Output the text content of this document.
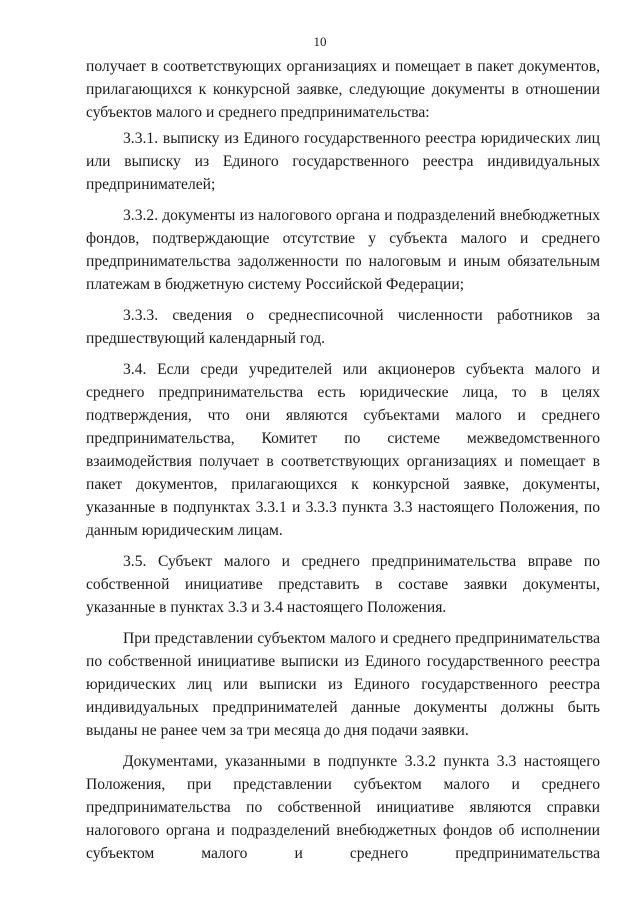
10

получает в соответствующих организациях и помещает в пакет документов, прилагающихся к конкурсной заявке, следующие документы в отношении субъектов малого и среднего предпринимательства:

3.3.1. выписку из Единого государственного реестра юридических лиц или выписку из Единого государственного реестра индивидуальных предпринимателей;

3.3.2. документы из налогового органа и подразделений внебюджетных фондов, подтверждающие отсутствие у субъекта малого и среднего предпринимательства задолженности по налоговым и иным обязательным платежам в бюджетную систему Российской Федерации;

3.3.3. сведения о среднесписочной численности работников за предшествующий календарный год.

3.4. Если среди учредителей или акционеров субъекта малого и среднего предпринимательства есть юридические лица, то в целях подтверждения, что они являются субъектами малого и среднего предпринимательства, Комитет по системе межведомственного взаимодействия получает в соответствующих организациях и помещает в пакет документов, прилагающихся к конкурсной заявке, документы, указанные в подпунктах 3.3.1 и 3.3.3 пункта 3.3 настоящего Положения, по данным юридическим лицам.

3.5. Субъект малого и среднего предпринимательства вправе по собственной инициативе представить в составе заявки документы, указанные в пунктах 3.3 и 3.4 настоящего Положения.

При представлении субъектом малого и среднего предпринимательства по собственной инициативе выписки из Единого государственного реестра юридических лиц или выписки из Единого государственного реестра индивидуальных предпринимателей данные документы должны быть выданы не ранее чем за три месяца до дня подачи заявки.

Документами, указанными в подпункте 3.3.2 пункта 3.3 настоящего Положения, при представлении субъектом малого и среднего предпринимательства по собственной инициативе являются справки налогового органа и подразделений внебюджетных фондов об исполнении субъектом малого и среднего предпринимательства
